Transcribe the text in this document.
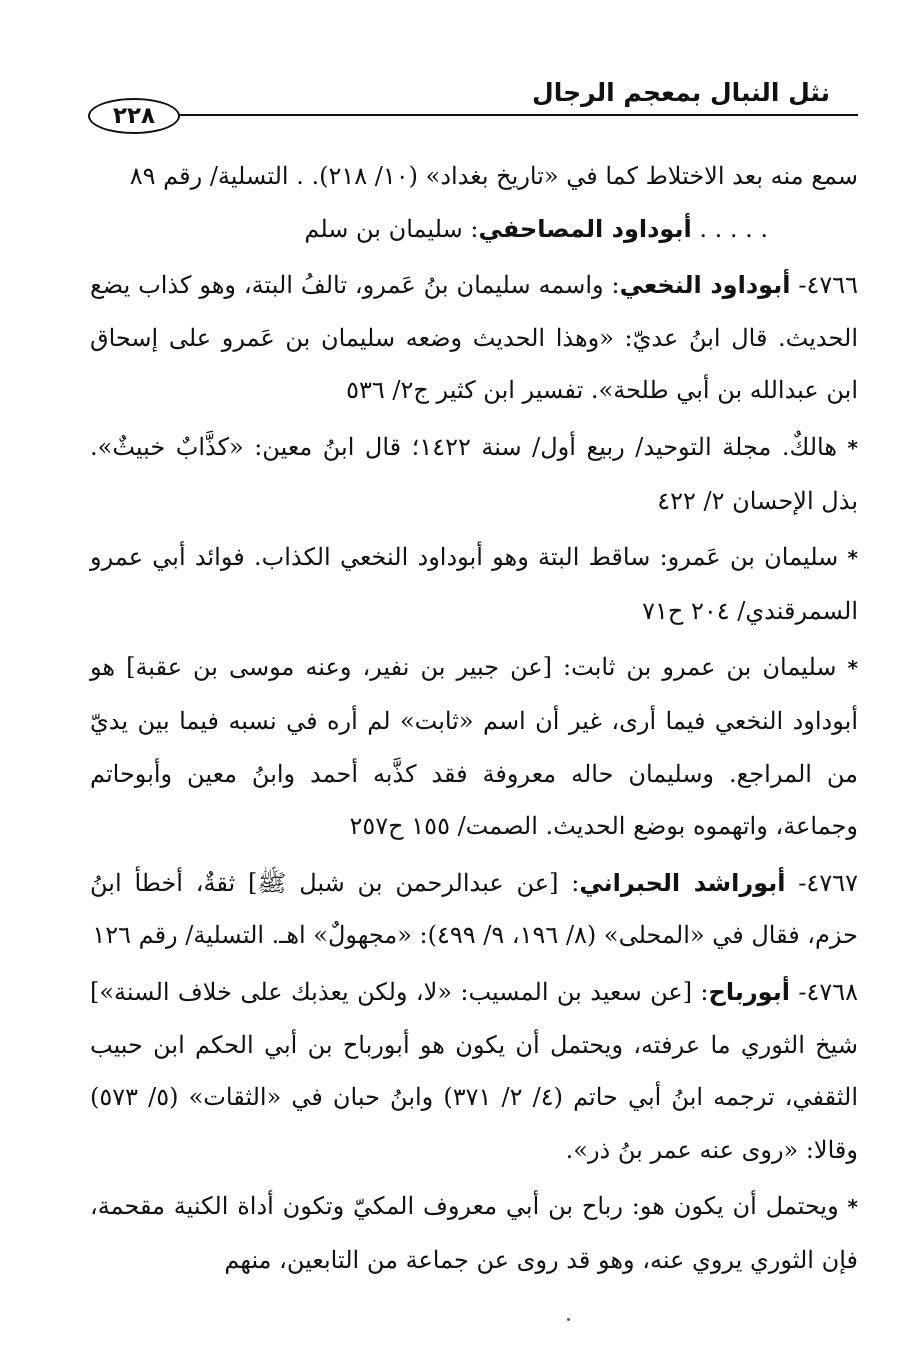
نثل النبال بمعجم الرجال
٢٢٨

سمع منه بعد الاختلاط كما في «تاريخ بغداد» (١٠/ ٢١٨). . التسلية/ رقم ٨٩

. . . . . أبوداود المصاحفي: سليمان بن سلم

٤٧٦٦- أبوداود النخعي: واسمه سليمان بنُ عَمرو، تالفُ البتة، وهو كذاب يضع الحديث. قال ابنُ عديّ: «وهذا الحديث وضعه سليمان بن عَمرو على إسحاق ابن عبدالله بن أبي طلحة». تفسير ابن كثير ج٢/ ٥٣٦

* هالكٌ. مجلة التوحيد/ ربيع أول/ سنة ١٤٢٢؛ قال ابنُ معين: «كذَّابٌ خبيثٌ». بذل الإحسان ٢/ ٤٢٢

* سليمان بن عَمرو: ساقط البتة وهو أبوداود النخعي الكذاب. فوائد أبي عمرو السمرقندي/ ٢٠٤ ح٧١

* سليمان بن عمرو بن ثابت: [عن جبير بن نفير، وعنه موسى بن عقبة] هو أبوداود النخعي فيما أرى، غير أن اسم «ثابت» لم أره في نسبه فيما بين يديّ من المراجع. وسليمان حاله معروفة فقد كذَّبه أحمد وابنُ معين وأبوحاتم وجماعة، واتهموه بوضع الحديث. الصمت/ ١٥٥ ح٢٥٧

٤٧٦٧- أبوراشد الحبراني: [عن عبدالرحمن بن شبل ﷺ] ثقةٌ، أخطأ ابنُ حزم، فقال في «المحلى» (٨/ ١٩٦، ٩/ ٤٩٩): «مجهولٌ» اهـ. التسلية/ رقم ١٢٦

٤٧٦٨- أبورباح: [عن سعيد بن المسيب: «لا، ولكن يعذبك على خلاف السنة»] شيخ الثوري ما عرفته، ويحتمل أن يكون هو أبورباح بن أبي الحكم ابن حبيب الثقفي، ترجمه ابنُ أبي حاتم (٤/ ٢/ ٣٧١) وابنُ حبان في «الثقات» (٥/ ٥٧٣) وقالا: «روى عنه عمر بنُ ذر».

* ويحتمل أن يكون هو: رباح بن أبي معروف المكيّ وتكون أداة الكنية مقحمة، فإن الثوري يروي عنه، وهو قد روى عن جماعة من التابعين، منهم
